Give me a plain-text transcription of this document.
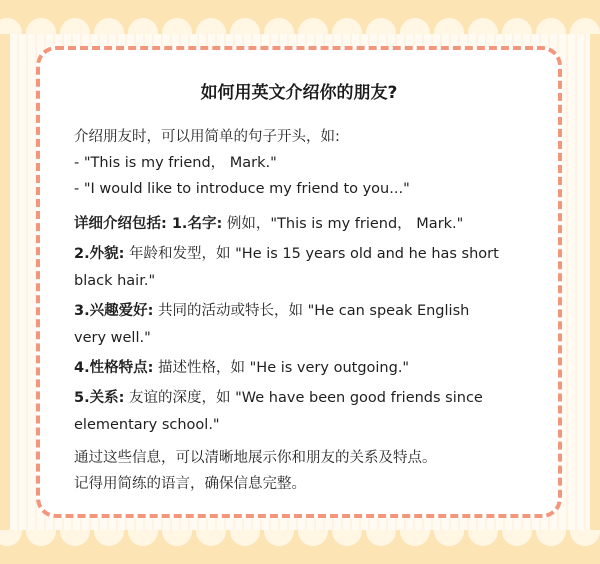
如何用英文介绍你的朋友?
介绍朋友时，可以用简单的句子开头，如:
- "This is my friend， Mark."
- "I would like to introduce my friend to you..."
详细介绍包括: 1.名字: 例如，"This is my friend， Mark."
2.外貌: 年龄和发型，如 "He is 15 years old and he has short
black hair."
3.兴趣爱好: 共同的活动或特长，如 "He can speak English
very well."
4.性格特点: 描述性格，如 "He is very outgoing."
5.关系: 友谊的深度，如 "We have been good friends since
elementary school."
通过这些信息，可以清晰地展示你和朋友的关系及特点。
记得用简练的语言，确保信息完整。
